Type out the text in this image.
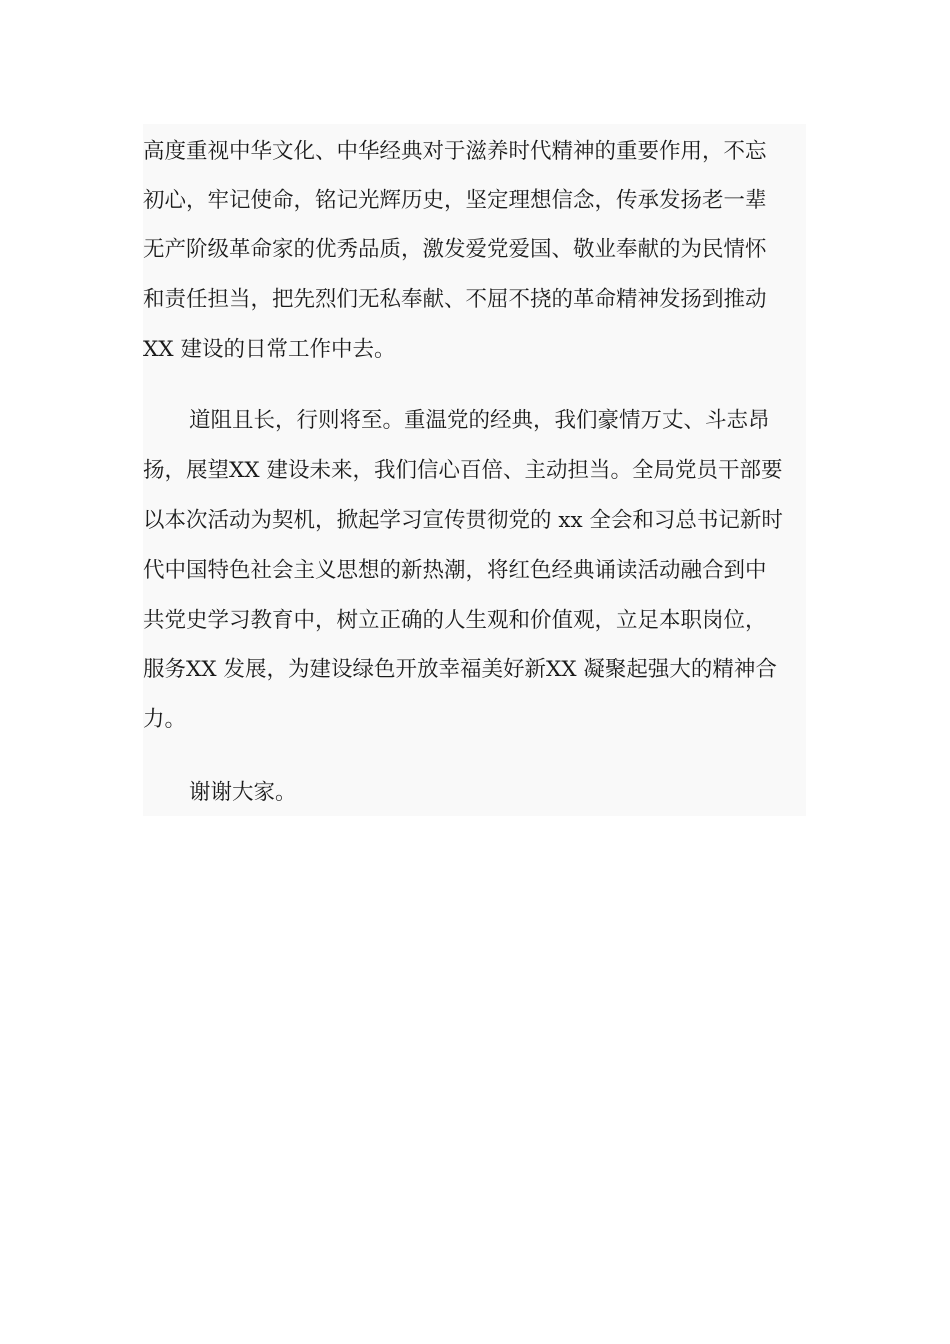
高度重视中华文化、中华经典对于滋养时代精神的重要作用，不忘
初心，牢记使命，铭记光辉历史，坚定理想信念，传承发扬老一辈
无产阶级革命家的优秀品质，激发爱党爱国、敬业奉献的为民情怀
和责任担当，把先烈们无私奉献、不屈不挠的革命精神发扬到推动
XX 建设的日常工作中去。
道阻且长，行则将至。重温党的经典，我们豪情万丈、斗志昂
扬，展望XX 建设未来，我们信心百倍、主动担当。全局党员干部要
以本次活动为契机，掀起学习宣传贯彻党的 xx 全会和习总书记新时
代中国特色社会主义思想的新热潮，将红色经典诵读活动融合到中
共党史学习教育中，树立正确的人生观和价值观，立足本职岗位，
服务XX 发展，为建设绿色开放幸福美好新XX 凝聚起强大的精神合
力。
谢谢大家。
